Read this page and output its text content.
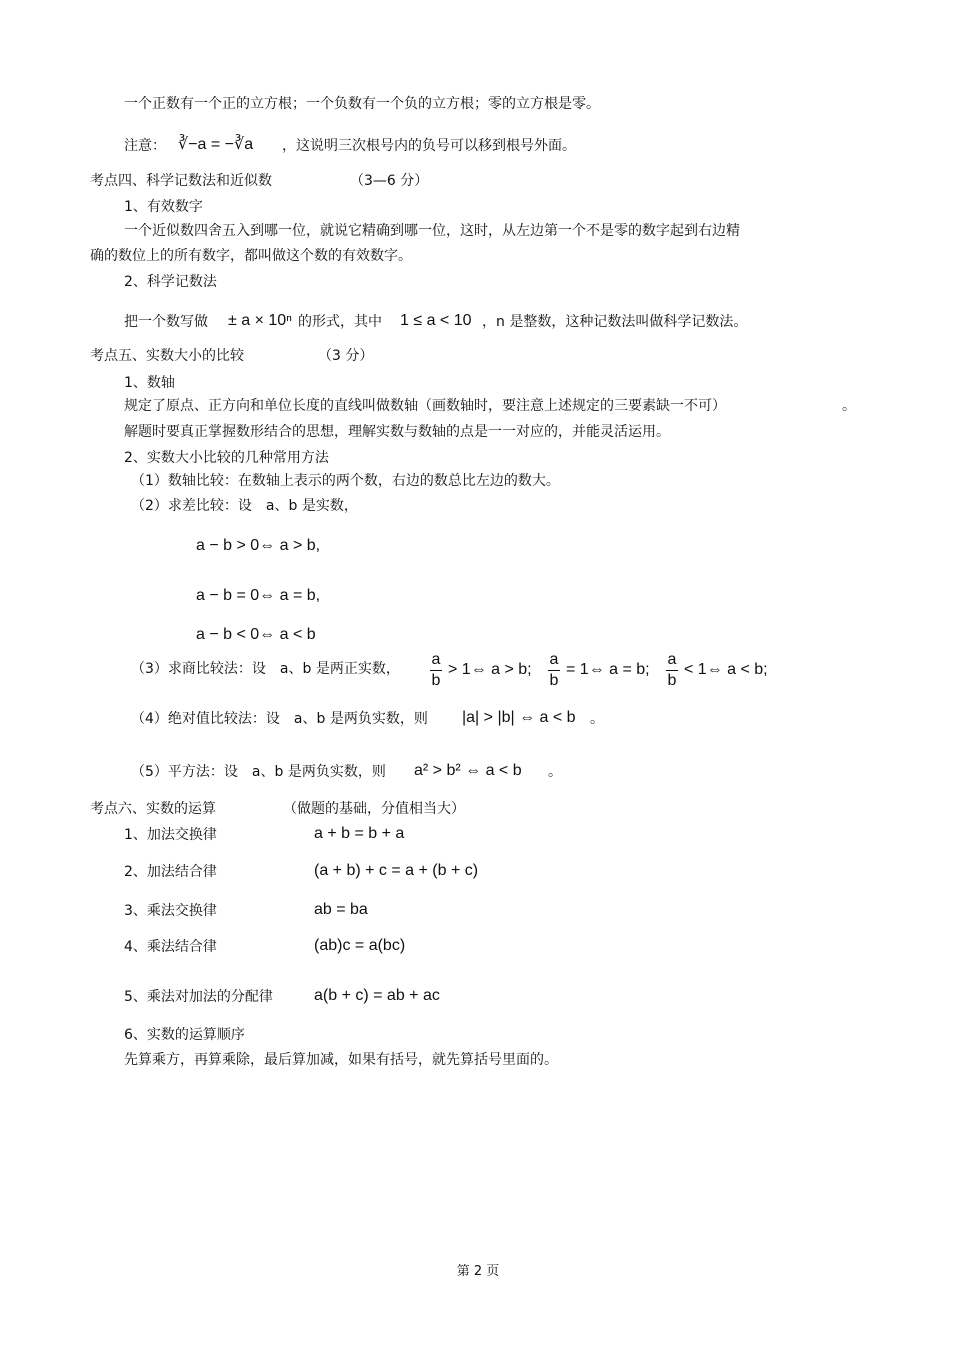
一个正数有一个正的立方根；一个负数有一个负的立方根；零的立方根是零。
注意： ∛−a = −∛a ，这说明三次根号内的负号可以移到根号外面。
考点四、科学记数法和近似数	（3—6 分）
1、有效数字
一个近似数四舍五入到哪一位，就说它精确到哪一位，这时，从左边第一个不是零的数字起到右边精
确的数位上的所有数字，都叫做这个数的有效数字。
2、科学记数法
把一个数写做 ± a × 10ⁿ 的形式，其中 1 ≤ a < 10 ，n 是整数，这种记数法叫做科学记数法。
考点五、实数大小的比较	（3 分）
1、数轴
规定了原点、正方向和单位长度的直线叫做数轴（画数轴时，要注意上述规定的三要素缺一不可）	。
解题时要真正掌握数形结合的思想，理解实数与数轴的点是一一对应的，并能灵活运用。
2、实数大小比较的几种常用方法
（1）数轴比较：在数轴上表示的两个数，右边的数总比左边的数大。
（2）求差比较：设　a、b 是实数，
a − b > 0⇔ a > b,
a − b = 0⇔ a = b,
a − b < 0⇔ a < b
（3）求商比较法：设　a、b 是两正实数，
a
b
> 1⇔ a > b;
a
b
= 1⇔ a = b;
a
b
< 1⇔ a < b;
（4）绝对值比较法：设　a、b 是两负实数，则 |a| > |b| ⇔ a < b 。
（5）平方法：设　a、b 是两负实数，则 a² > b² ⇔ a < b 。
考点六、实数的运算	（做题的基础，分值相当大）
1、加法交换律	a + b = b + a
2、加法结合律	(a + b) + c = a + (b + c)
3、乘法交换律	ab = ba
4、乘法结合律	(ab)c = a(bc)
5、乘法对加法的分配律	a(b + c) = ab + ac
6、实数的运算顺序
先算乘方，再算乘除，最后算加减，如果有括号，就先算括号里面的。
第 2 页
